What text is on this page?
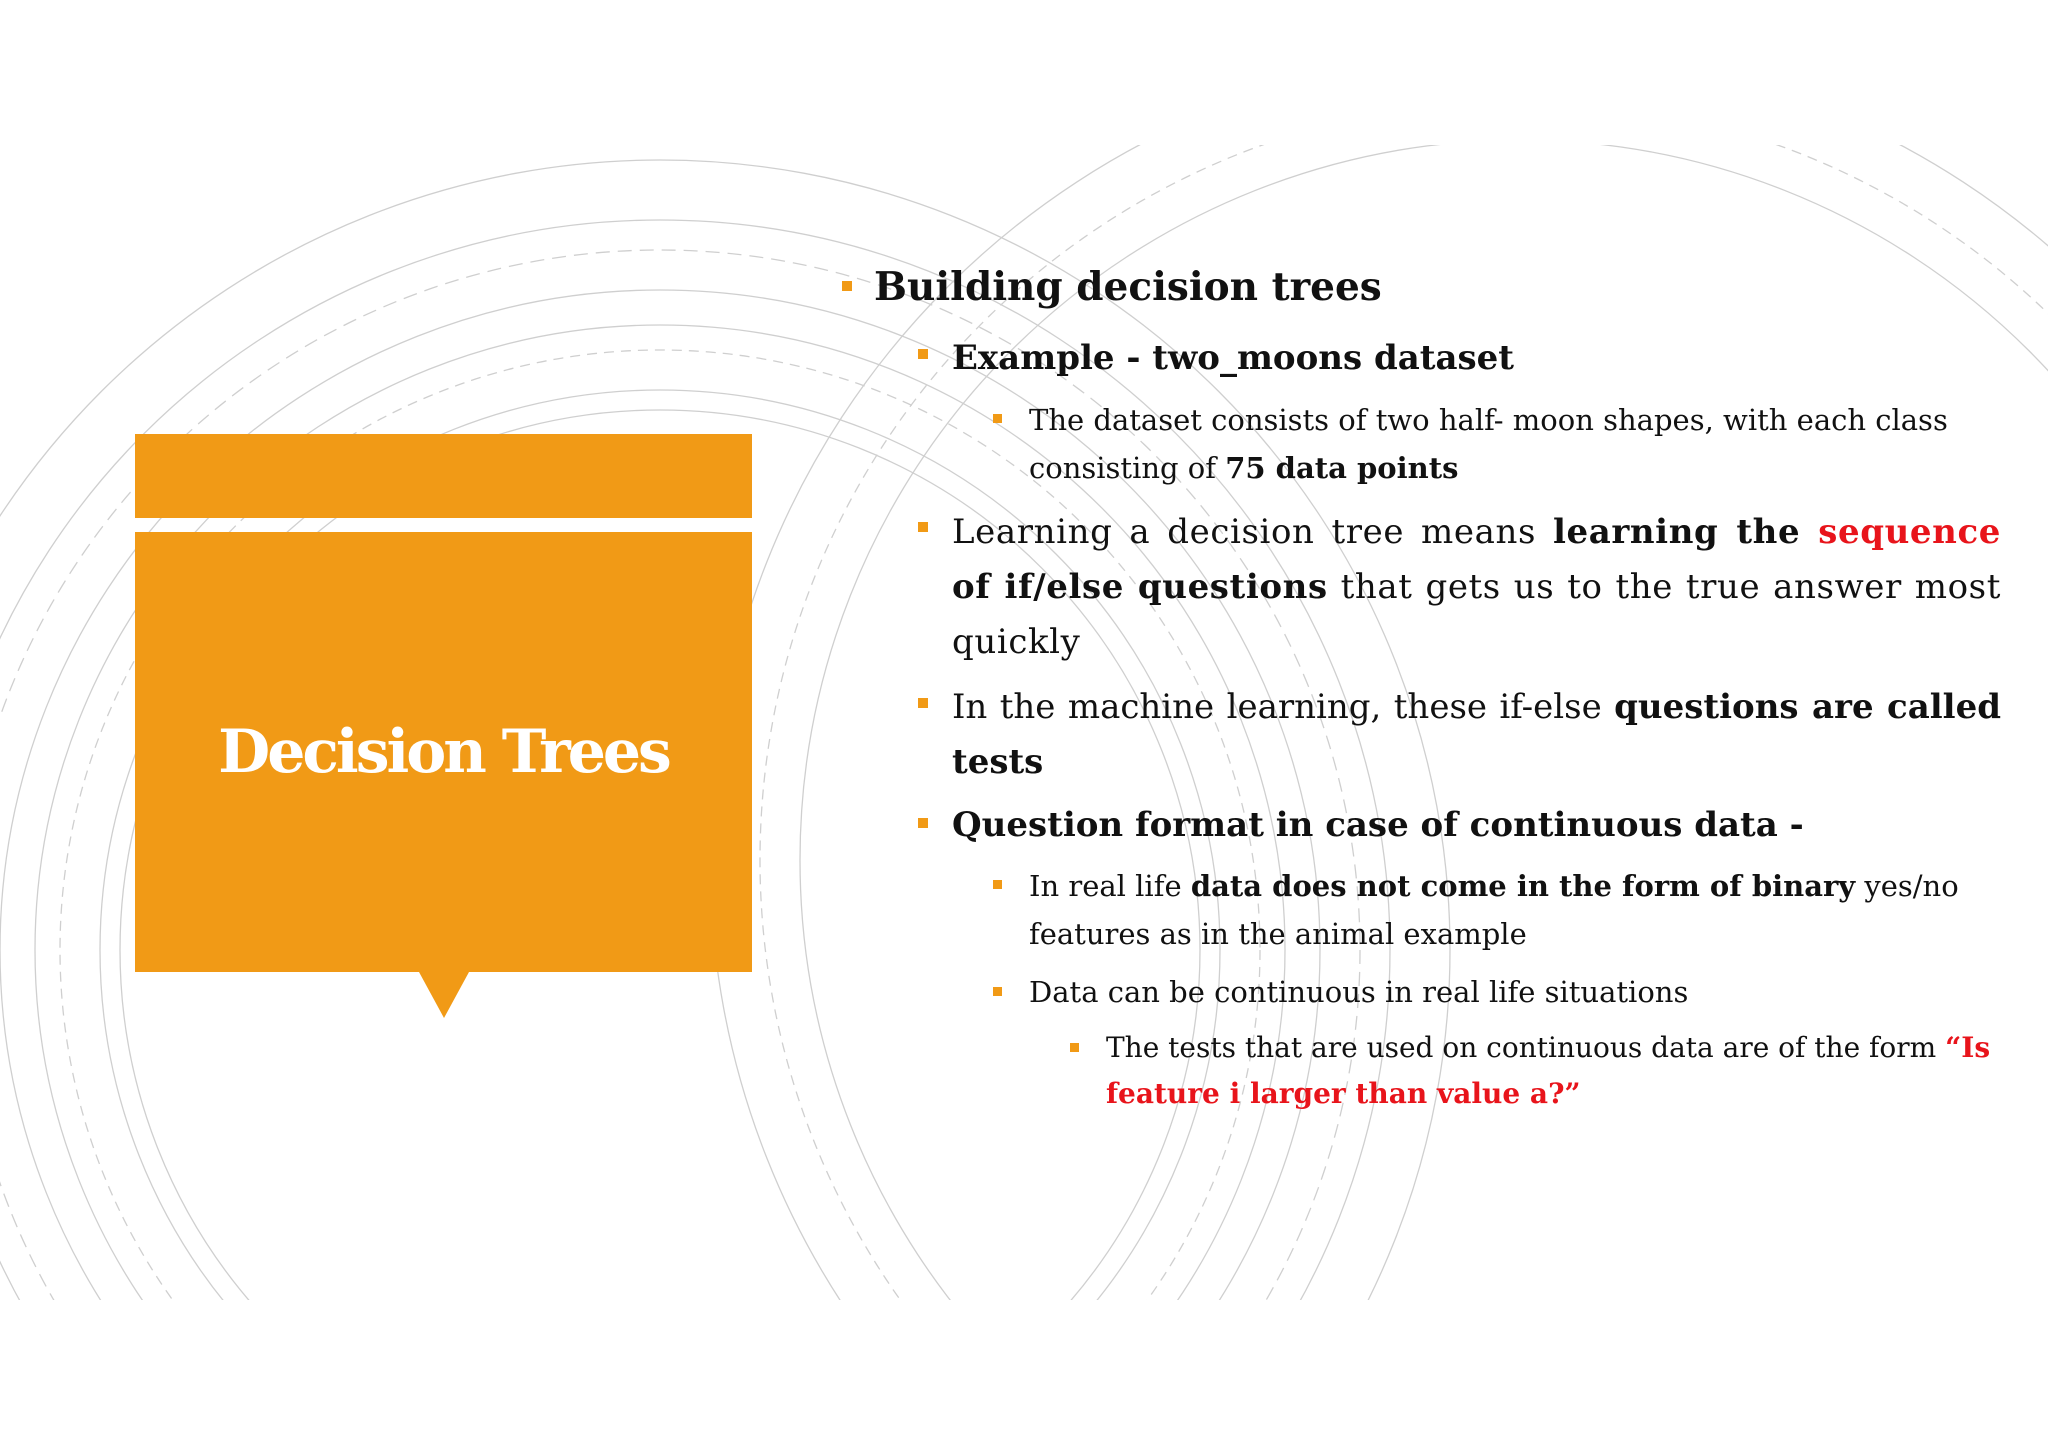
Decision Trees
Building decision trees
Example - two_moons dataset
The dataset consists of two half- moon shapes, with each class consisting of 75 data points
Learning a decision tree means learning the sequence of if/else questions that gets us to the true answer most quickly
In the machine learning, these if-else questions are called tests
Question format in case of continuous data -
In real life data does not come in the form of binary yes/no features as in the animal example
Data can be continuous in real life situations
The tests that are used on continuous data are of the form “Is feature i larger than value a?”
